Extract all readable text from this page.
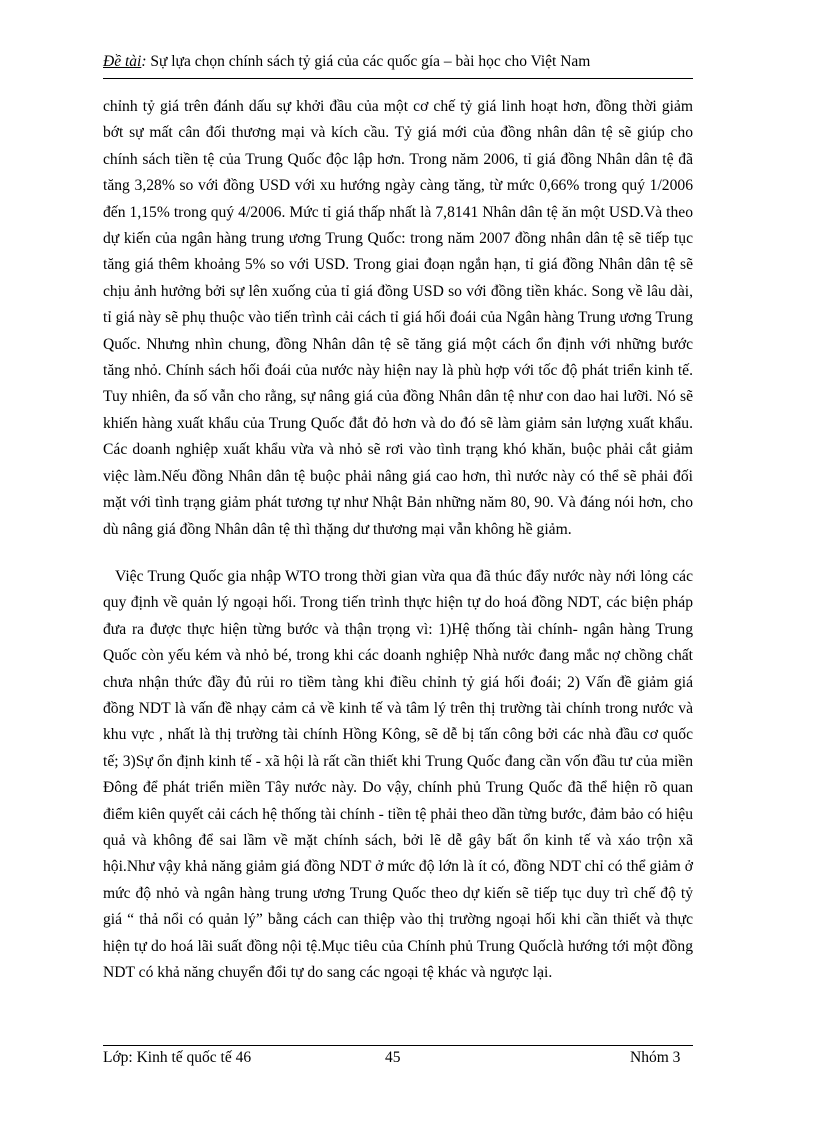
Đề tài: Sự lựa chọn chính sách tỷ giá của các quốc gía – bài học cho Việt Nam

chỉnh tỷ giá trên đánh dấu sự khởi đầu của một cơ chế tỷ giá linh hoạt hơn, đồng thời giảm bớt sự mất cân đối thương mại và kích cầu. Tỷ giá mới của đồng nhân dân tệ sẽ giúp cho chính sách tiền tệ của Trung Quốc độc lập hơn. Trong năm 2006, tỉ giá đồng Nhân dân tệ đã tăng 3,28% so với đồng USD với xu hướng ngày càng tăng, từ mức 0,66% trong quý 1/2006 đến 1,15% trong quý 4/2006. Mức tỉ giá thấp nhất là 7,8141 Nhân dân tệ ăn một USD.Và theo dự kiến của ngân hàng trung ương Trung Quốc: trong năm 2007 đồng nhân dân tệ sẽ tiếp tục tăng giá thêm khoảng 5% so với USD. Trong giai đoạn ngắn hạn, tỉ giá đồng Nhân dân tệ sẽ chịu ảnh hưởng bởi sự lên xuống của tỉ giá đồng USD so với đồng tiền khác. Song về lâu dài, tỉ giá này sẽ phụ thuộc vào tiến trình cải cách tỉ giá hối đoái của Ngân hàng Trung ương Trung Quốc. Nhưng nhìn chung, đồng Nhân dân tệ sẽ tăng giá một cách ổn định với những bước tăng nhỏ. Chính sách hối đoái của nước này hiện nay là phù hợp với tốc độ phát triển kinh tế. Tuy nhiên, đa số vẫn cho rằng, sự nâng giá của đồng Nhân dân tệ như con dao hai lưỡi. Nó sẽ khiến hàng xuất khẩu của Trung Quốc đắt đỏ hơn và do đó sẽ làm giảm sản lượng xuất khẩu. Các doanh nghiệp xuất khẩu vừa và nhỏ sẽ rơi vào tình trạng khó khăn, buộc phải cắt giảm việc làm.Nếu đồng Nhân dân tệ buộc phải nâng giá cao hơn, thì nước này có thể sẽ phải đối mặt với tình trạng giảm phát tương tự như Nhật Bản những năm 80, 90. Và đáng nói hơn, cho dù nâng giá đồng Nhân dân tệ thì thặng dư thương mại vẫn không hề giảm.

Việc Trung Quốc gia nhập WTO trong thời gian vừa qua đã thúc đẩy nước này nới lỏng các quy định về quản lý ngoại hối. Trong tiến trình thực hiện tự do hoá đồng NDT, các biện pháp đưa ra được thực hiện từng bước và thận trọng vì: 1)Hệ thống tài chính- ngân hàng Trung Quốc còn yếu kém và nhỏ bé, trong khi các doanh nghiệp Nhà nước đang mắc nợ chồng chất chưa nhận thức đầy đủ rủi ro tiềm tàng khi điều chỉnh tỷ giá hối đoái; 2) Vấn đề giảm giá đồng NDT là vấn đề nhạy cảm cả về kinh tế và tâm lý trên thị trường tài chính trong nước và khu vực , nhất là thị trường tài chính Hồng Kông, sẽ dễ bị tấn công bởi các nhà đầu cơ quốc tế; 3)Sự ổn định kinh tế - xã hội là rất cần thiết khi Trung Quốc đang cần vốn đầu tư của miền Đông để phát triển miền Tây nước này. Do vậy, chính phủ Trung Quốc đã thể hiện rõ quan điểm kiên quyết cải cách hệ thống tài chính - tiền tệ phải theo dần từng bước, đảm bảo có hiệu quả và không để sai lầm về mặt chính sách, bởi lẽ dễ gây bất ổn kinh tế và xáo trộn xã hội.Như vậy khả năng giảm giá đồng NDT ở mức độ lớn là ít có, đồng NDT chỉ có thể giảm ở mức độ nhỏ và ngân hàng trung ương Trung Quốc theo dự kiến sẽ tiếp tục duy trì chế độ tỷ giá “ thả nổi có quản lý” bằng cách can thiệp vào thị trường ngoại hối khi cần thiết và thực hiện tự do hoá lãi suất đồng nội tệ.Mục tiêu của Chính phủ Trung Quốclà hướng tới một đồng NDT có khả năng chuyển đổi tự do sang các ngoại tệ khác và ngược lại.

Lớp: Kinh tế quốc tế 46	45	Nhóm 3
